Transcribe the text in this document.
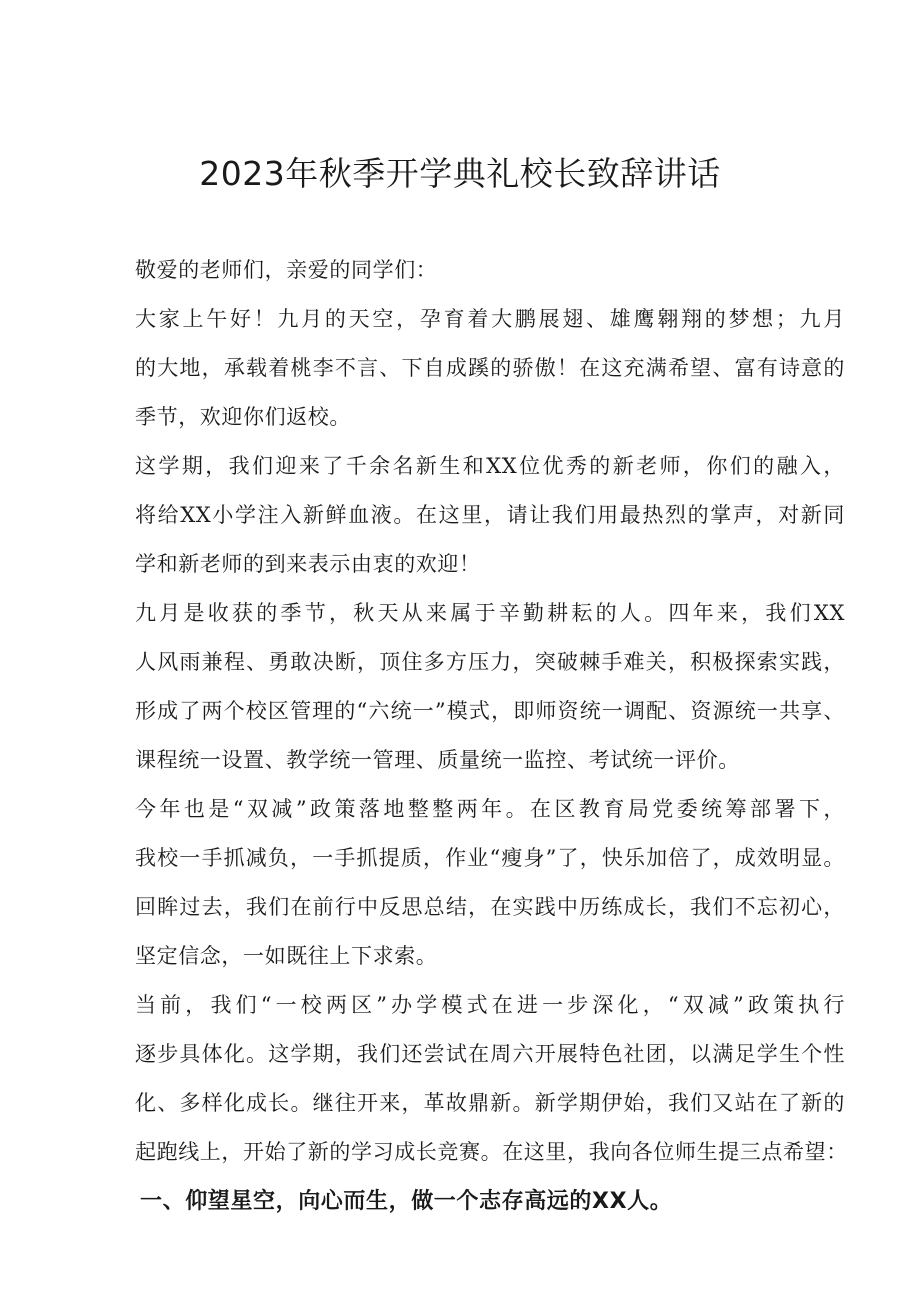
2023年秋季开学典礼校长致辞讲话

敬爱的老师们，亲爱的同学们：

大家上午好！九月的天空，孕育着大鹏展翅、雄鹰翱翔的梦想；九月
的大地，承载着桃李不言、下自成蹊的骄傲！在这充满希望、富有诗意的
季节，欢迎你们返校。

这学期，我们迎来了千余名新生和XX位优秀的新老师，你们的融入，
将给XX小学注入新鲜血液。在这里，请让我们用最热烈的掌声，对新同
学和新老师的到来表示由衷的欢迎！

九月是收获的季节，秋天从来属于辛勤耕耘的人。四年来，我们XX
人风雨兼程、勇敢决断，顶住多方压力，突破棘手难关，积极探索实践，
形成了两个校区管理的“六统一”模式，即师资统一调配、资源统一共享、
课程统一设置、教学统一管理、质量统一监控、考试统一评价。

今年也是“双减”政策落地整整两年。在区教育局党委统筹部署下，
我校一手抓减负，一手抓提质，作业“瘦身”了，快乐加倍了，成效明显。
回眸过去，我们在前行中反思总结，在实践中历练成长，我们不忘初心，
坚定信念，一如既往上下求索。

当前，我们“一校两区”办学模式在进一步深化，“双减”政策执行
逐步具体化。这学期，我们还尝试在周六开展特色社团，以满足学生个性
化、多样化成长。继往开来，革故鼎新。新学期伊始，我们又站在了新的
起跑线上，开始了新的学习成长竞赛。在这里，我向各位师生提三点希望：

一、仰望星空，向心而生，做一个志存高远的XX人。
